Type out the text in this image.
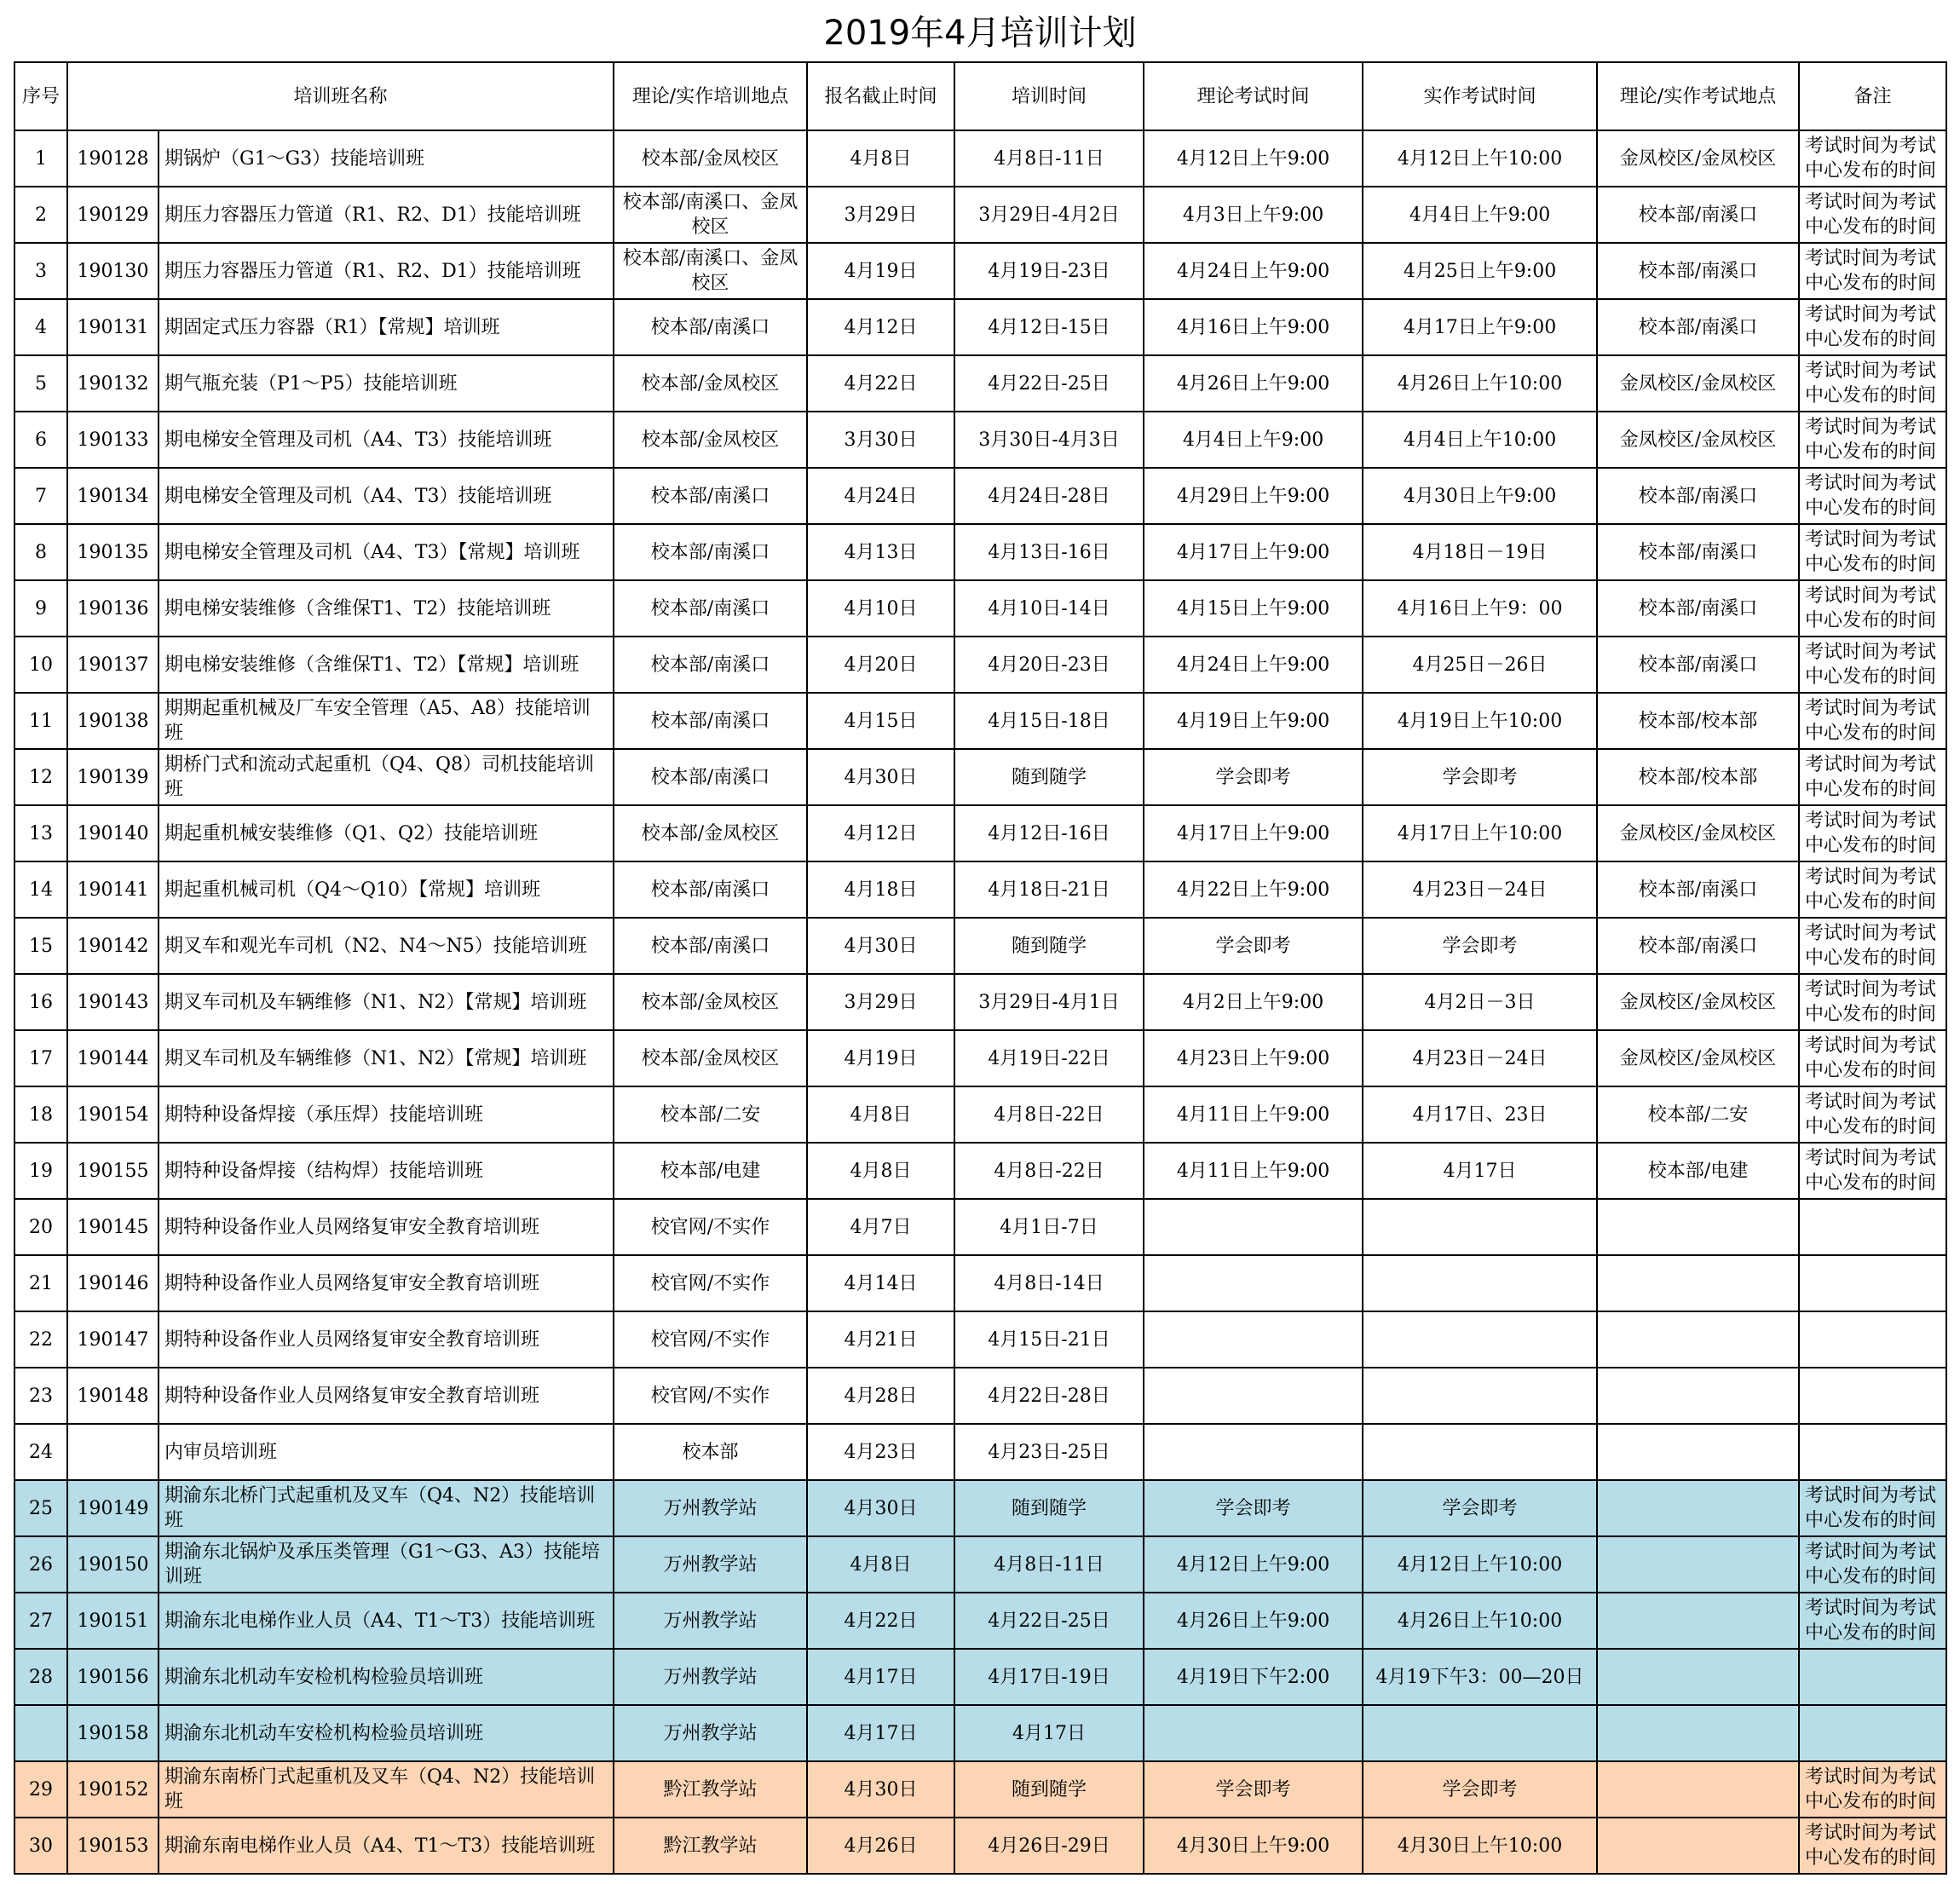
2019年4月培训计划
序号	培训班名称		理论/实作培训地点	报名截止时间	培训时间	理论考试时间	实作考试时间	理论/实作考试地点	备注
1	190128	期锅炉（G1～G3）技能培训班	校本部/金凤校区	4月8日	4月8日-11日	4月12日上午9:00	4月12日上午10:00	金凤校区/金凤校区	考试时间为考试中心发布的时间
2	190129	期压力容器压力管道（R1、R2、D1）技能培训班	校本部/南溪口、金凤校区	3月29日	3月29日-4月2日	4月3日上午9:00	4月4日上午9:00	校本部/南溪口	考试时间为考试中心发布的时间
3	190130	期压力容器压力管道（R1、R2、D1）技能培训班	校本部/南溪口、金凤校区	4月19日	4月19日-23日	4月24日上午9:00	4月25日上午9:00	校本部/南溪口	考试时间为考试中心发布的时间
4	190131	期固定式压力容器（R1）【常规】培训班	校本部/南溪口	4月12日	4月12日-15日	4月16日上午9:00	4月17日上午9:00	校本部/南溪口	考试时间为考试中心发布的时间
5	190132	期气瓶充装（P1～P5）技能培训班	校本部/金凤校区	4月22日	4月22日-25日	4月26日上午9:00	4月26日上午10:00	金凤校区/金凤校区	考试时间为考试中心发布的时间
6	190133	期电梯安全管理及司机（A4、T3）技能培训班	校本部/金凤校区	3月30日	3月30日-4月3日	4月4日上午9:00	4月4日上午10:00	金凤校区/金凤校区	考试时间为考试中心发布的时间
7	190134	期电梯安全管理及司机（A4、T3）技能培训班	校本部/南溪口	4月24日	4月24日-28日	4月29日上午9:00	4月30日上午9:00	校本部/南溪口	考试时间为考试中心发布的时间
8	190135	期电梯安全管理及司机（A4、T3）【常规】培训班	校本部/南溪口	4月13日	4月13日-16日	4月17日上午9:00	4月18日－19日	校本部/南溪口	考试时间为考试中心发布的时间
9	190136	期电梯安装维修（含维保T1、T2）技能培训班	校本部/南溪口	4月10日	4月10日-14日	4月15日上午9:00	4月16日上午9：00	校本部/南溪口	考试时间为考试中心发布的时间
10	190137	期电梯安装维修（含维保T1、T2）【常规】培训班	校本部/南溪口	4月20日	4月20日-23日	4月24日上午9:00	4月25日－26日	校本部/南溪口	考试时间为考试中心发布的时间
11	190138	期期起重机械及厂车安全管理（A5、A8）技能培训班	校本部/南溪口	4月15日	4月15日-18日	4月19日上午9:00	4月19日上午10:00	校本部/校本部	考试时间为考试中心发布的时间
12	190139	期桥门式和流动式起重机（Q4、Q8）司机技能培训班	校本部/南溪口	4月30日	随到随学	学会即考	学会即考	校本部/校本部	考试时间为考试中心发布的时间
13	190140	期起重机械安装维修（Q1、Q2）技能培训班	校本部/金凤校区	4月12日	4月12日-16日	4月17日上午9:00	4月17日上午10:00	金凤校区/金凤校区	考试时间为考试中心发布的时间
14	190141	期起重机械司机（Q4～Q10）【常规】培训班	校本部/南溪口	4月18日	4月18日-21日	4月22日上午9:00	4月23日－24日	校本部/南溪口	考试时间为考试中心发布的时间
15	190142	期叉车和观光车司机（N2、N4～N5）技能培训班	校本部/南溪口	4月30日	随到随学	学会即考	学会即考	校本部/南溪口	考试时间为考试中心发布的时间
16	190143	期叉车司机及车辆维修（N1、N2）【常规】培训班	校本部/金凤校区	3月29日	3月29日-4月1日	4月2日上午9:00	4月2日－3日	金凤校区/金凤校区	考试时间为考试中心发布的时间
17	190144	期叉车司机及车辆维修（N1、N2）【常规】培训班	校本部/金凤校区	4月19日	4月19日-22日	4月23日上午9:00	4月23日－24日	金凤校区/金凤校区	考试时间为考试中心发布的时间
18	190154	期特种设备焊接（承压焊）技能培训班	校本部/二安	4月8日	4月8日-22日	4月11日上午9:00	4月17日、23日	校本部/二安	考试时间为考试中心发布的时间
19	190155	期特种设备焊接（结构焊）技能培训班	校本部/电建	4月8日	4月8日-22日	4月11日上午9:00	4月17日	校本部/电建	考试时间为考试中心发布的时间
20	190145	期特种设备作业人员网络复审安全教育培训班	校官网/不实作	4月7日	4月1日-7日				
21	190146	期特种设备作业人员网络复审安全教育培训班	校官网/不实作	4月14日	4月8日-14日				
22	190147	期特种设备作业人员网络复审安全教育培训班	校官网/不实作	4月21日	4月15日-21日				
23	190148	期特种设备作业人员网络复审安全教育培训班	校官网/不实作	4月28日	4月22日-28日				
24		内审员培训班	校本部	4月23日	4月23日-25日				
25	190149	期渝东北桥门式起重机及叉车（Q4、N2）技能培训班	万州教学站	4月30日	随到随学	学会即考	学会即考		考试时间为考试中心发布的时间
26	190150	期渝东北锅炉及承压类管理（G1～G3、A3）技能培训班	万州教学站	4月8日	4月8日-11日	4月12日上午9:00	4月12日上午10:00		考试时间为考试中心发布的时间
27	190151	期渝东北电梯作业人员（A4、T1～T3）技能培训班	万州教学站	4月22日	4月22日-25日	4月26日上午9:00	4月26日上午10:00		考试时间为考试中心发布的时间
28	190156	期渝东北机动车安检机构检验员培训班	万州教学站	4月17日	4月17日-19日	4月19日下午2:00	4月19下午3：00—20日		
	190158	期渝东北机动车安检机构检验员培训班	万州教学站	4月17日	4月17日				
29	190152	期渝东南桥门式起重机及叉车（Q4、N2）技能培训班	黔江教学站	4月30日	随到随学	学会即考	学会即考		考试时间为考试中心发布的时间
30	190153	期渝东南电梯作业人员（A4、T1～T3）技能培训班	黔江教学站	4月26日	4月26日-29日	4月30日上午9:00	4月30日上午10:00		考试时间为考试中心发布的时间
